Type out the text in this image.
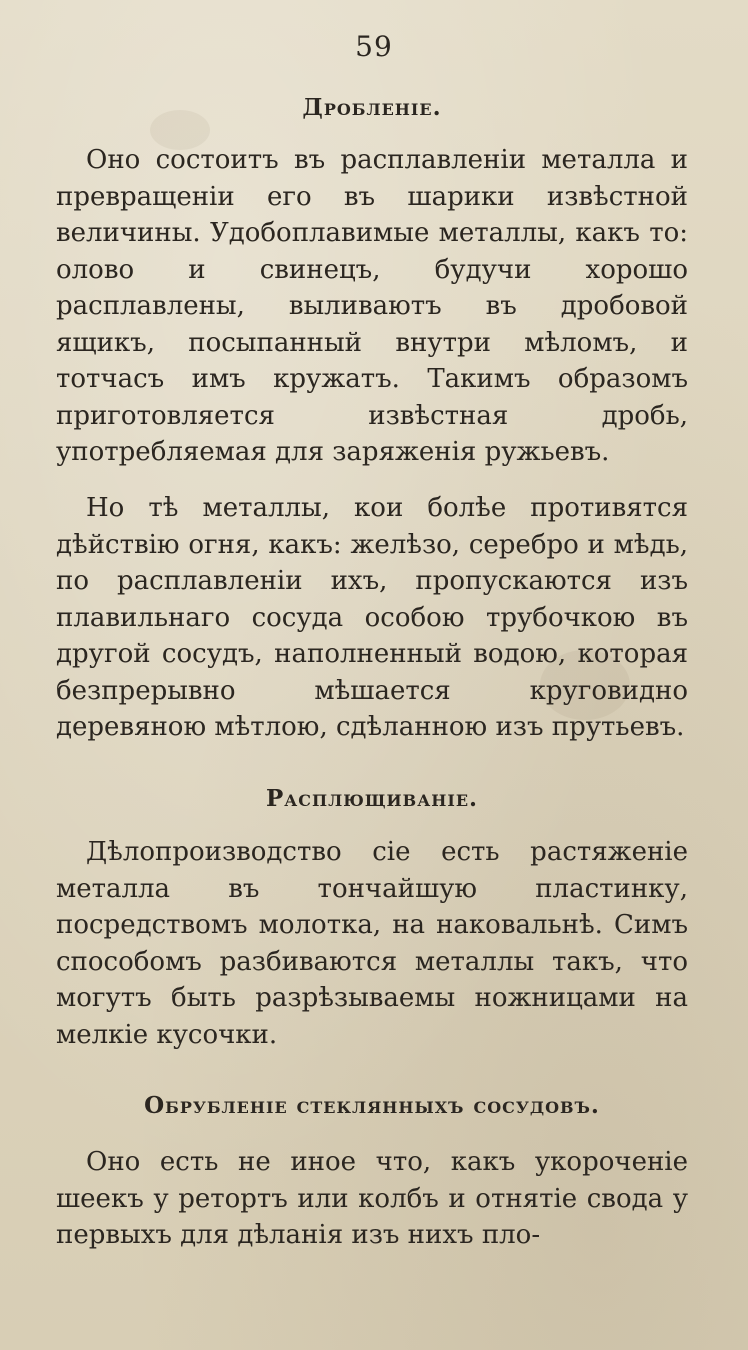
59
Дробленіе.

Оно состоитъ въ расплавленіи металла и превращеніи его въ шарики извѣстной величины. Удобоплавимые металлы, какъ то: олово и свинецъ, будучи хорошо расплавлены, выливаютъ въ дробовой ящикъ, посыпанный внутри мѣломъ, и тотчасъ имъ кружатъ. Такимъ образомъ приготовляется извѣстная дробь, употребляемая для заряженія ружьевъ.

Но тѣ металлы, кои болѣе противятся дѣйствію огня, какъ: желѣзо, серебро и мѣдь, по расплавленіи ихъ, пропускаются изъ плавильнаго сосуда особою трубочкою въ другой сосудъ, наполненный водою, которая безпрерывно мѣшается круговидно деревяною мѣтлою, сдѣланною изъ прутьевъ.

Расплющиваніе.

Дѣлопроизводство сіе есть растяженіе металла въ тончайшую пластинку, посредствомъ молотка, на наковальнѣ. Симъ способомъ разбиваются металлы такъ, что могутъ быть разрѣзываемы ножницами на мелкіе кусочки.

Обрубленіе стеклянныхъ сосудовъ.

Оно есть не иное что, какъ укороченіе шеекъ у ретортъ или колбъ и отнятіе свода у первыхъ для дѣланія изъ нихъ пло-
